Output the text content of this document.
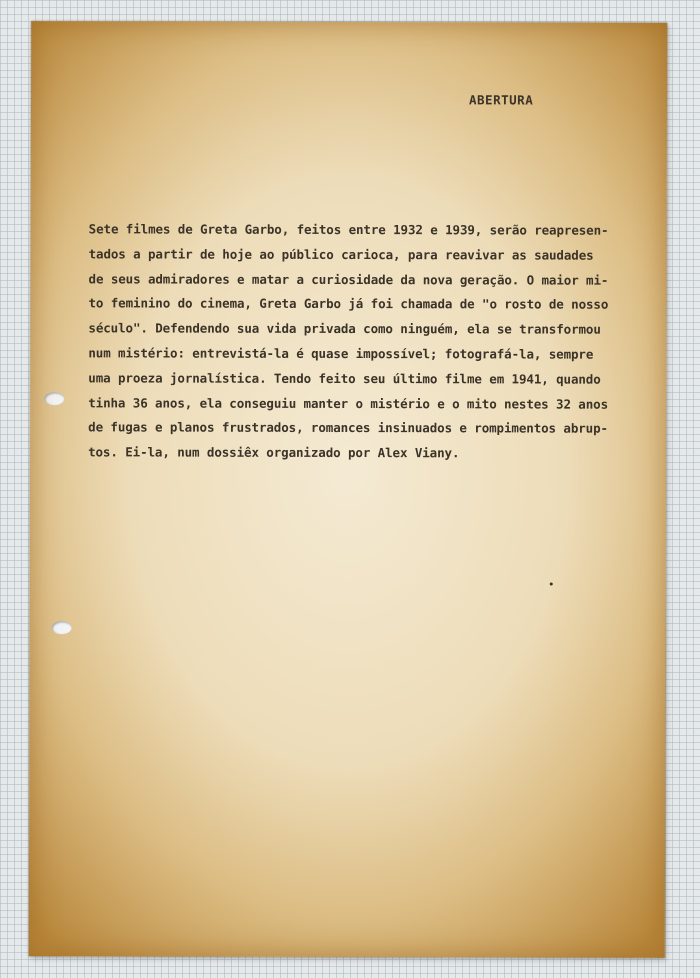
ABERTURA
Sete filmes de Greta Garbo, feitos entre 1932 e 1939, serão reapresen-
tados a partir de hoje ao público carioca, para reavivar as saudades
de seus admiradores e matar a curiosidade da nova geração. O maior mi-
to feminino do cinema, Greta Garbo já foi chamada de "o rosto de nosso
século". Defendendo sua vida privada como ninguém, ela se transformou
num mistério: entrevistá-la é quase impossível; fotografá-la, sempre
uma proeza jornalística. Tendo feito seu último filme em 1941, quando
tinha 36 anos, ela conseguiu manter o mistério e o mito nestes 32 anos
de fugas e planos frustrados, romances insinuados e rompimentos abrup-
tos. Ei-la, num dossiêx organizado por Alex Viany.
